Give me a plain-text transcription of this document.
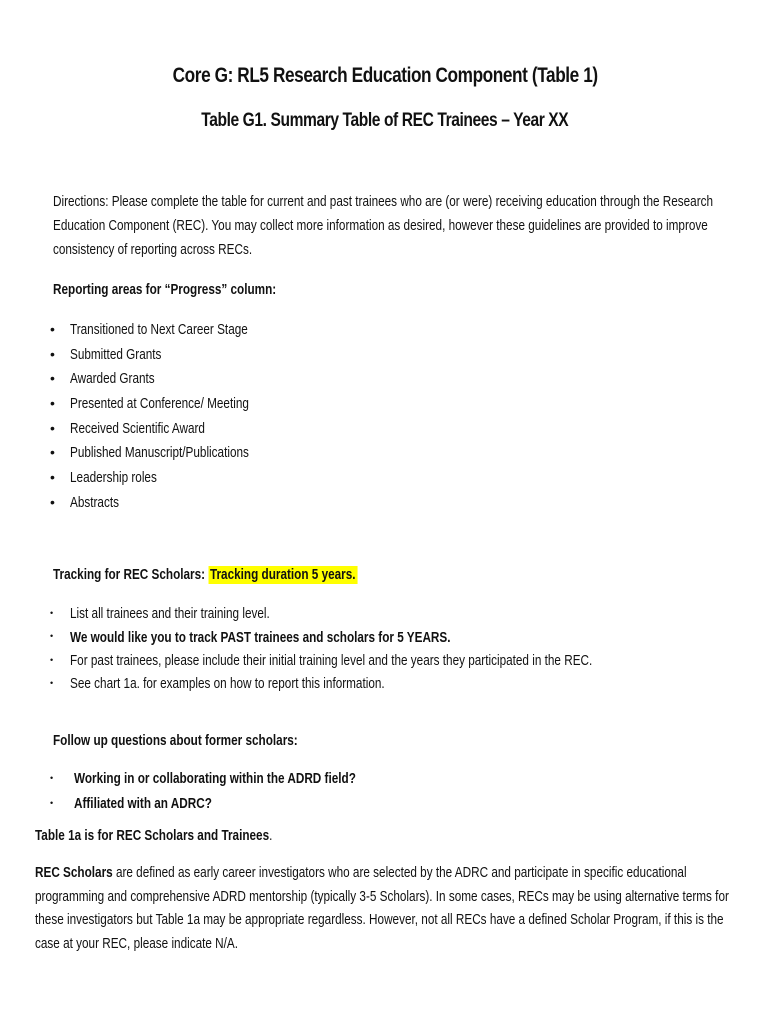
Core G: RL5 Research Education Component (Table 1)
Table G1. Summary Table of REC Trainees – Year XX
Directions: Please complete the table for current and past trainees who are (or were) receiving education through the Research
Education Component (REC). You may collect more information as desired, however these guidelines are provided to improve
consistency of reporting across RECs.
Reporting areas for “Progress” column:
• Transitioned to Next Career Stage
• Submitted Grants
• Awarded Grants
• Presented at Conference/ Meeting
• Received Scientific Award
• Published Manuscript/Publications
• Leadership roles
• Abstracts
Tracking for REC Scholars: Tracking duration 5 years.
• List all trainees and their training level.
• We would like you to track PAST trainees and scholars for 5 YEARS.
• For past trainees, please include their initial training level and the years they participated in the REC.
• See chart 1a. for examples on how to report this information.
Follow up questions about former scholars:
• Working in or collaborating within the ADRD field?
• Affiliated with an ADRC?
Table 1a is for REC Scholars and Trainees.
REC Scholars are defined as early career investigators who are selected by the ADRC and participate in specific educational
programming and comprehensive ADRD mentorship (typically 3-5 Scholars). In some cases, RECs may be using alternative terms for
these investigators but Table 1a may be appropriate regardless. However, not all RECs have a defined Scholar Program, if this is the
case at your REC, please indicate N/A.
